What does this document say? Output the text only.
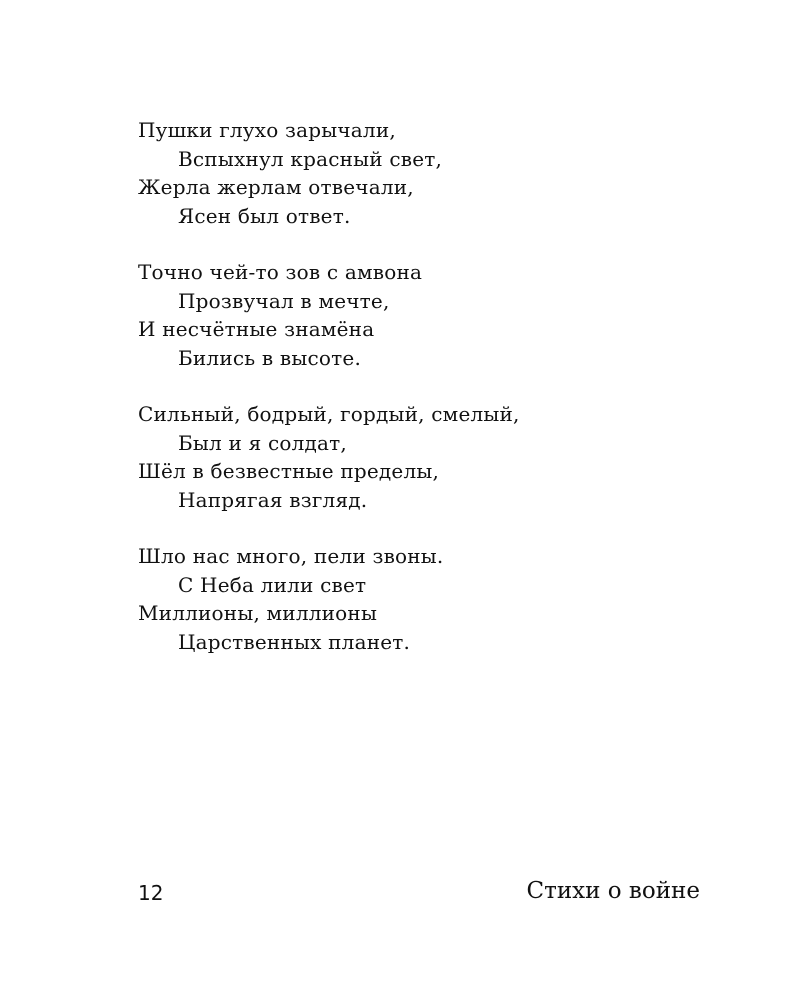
Пушки глухо зарычали,
Вспыхнул красный свет,
Жерла жерлам отвечали,
Ясен был ответ.
Точно чей-то зов с амвона
Прозвучал в мечте,
И несчётные знамёна
Бились в высоте.
Сильный, бодрый, гордый, смелый,
Был и я солдат,
Шёл в безвестные пределы,
Напрягая взгляд.
Шло нас много, пели звоны.
С Неба лили свет
Миллионы, миллионы
Царственных планет.
12	Стихи о войне
